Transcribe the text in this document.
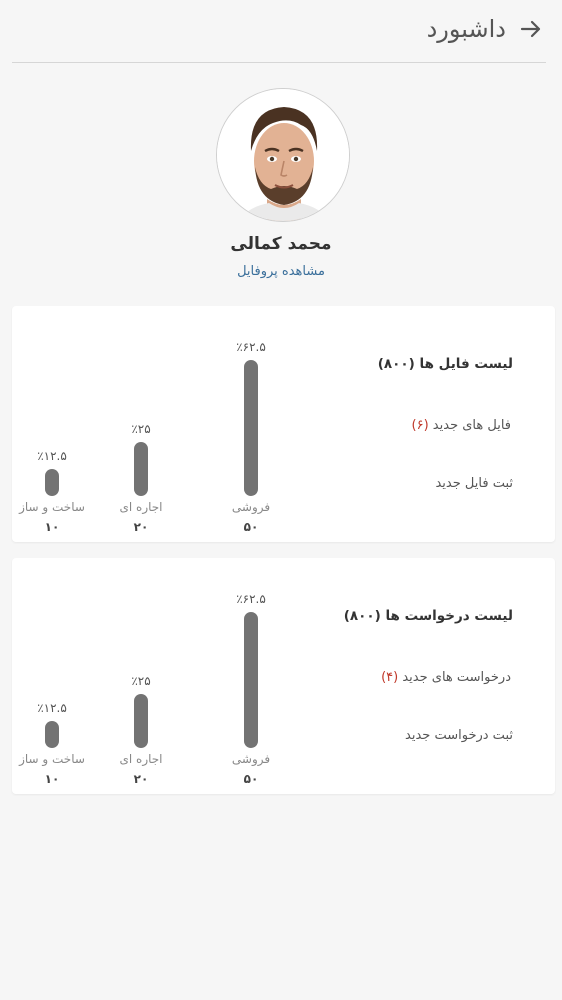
داشبورد
محمد کمالی
مشاهده پروفایل
لیست فایل ها (۸۰۰)
فایل های جدید (۶)
ثبت فایل جدید
٪۶۲.۵
فروشی
۵۰
٪۲۵
اجاره ای
۲۰
٪۱۲.۵
ساخت و ساز
۱۰
لیست درخواست ها (۸۰۰)
درخواست های جدید (۴)
ثبت درخواست جدید
٪۶۲.۵
فروشی
۵۰
٪۲۵
اجاره ای
۲۰
٪۱۲.۵
ساخت و ساز
۱۰
